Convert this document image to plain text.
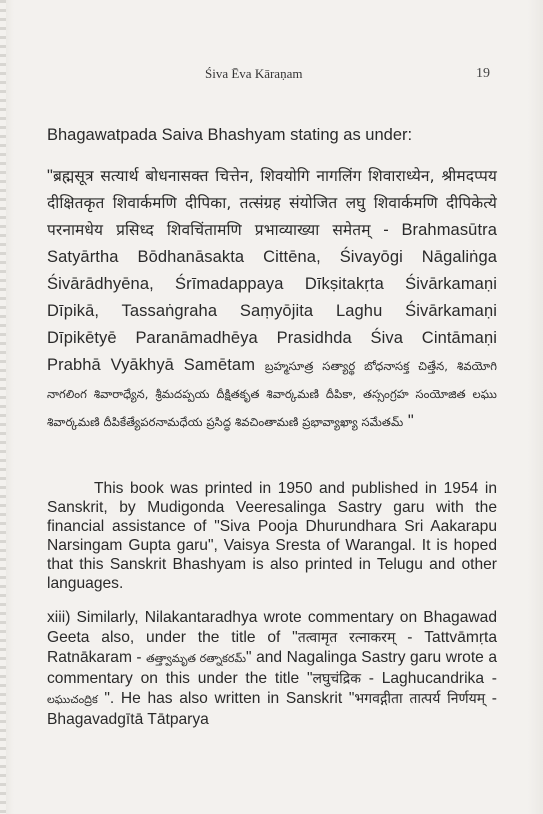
Śiva Ēva Kāraṇam	19

Bhagawatpada Saiva Bhashyam stating as under:

"ब्रह्मसूत्र सत्यार्थ बोधनासक्त चित्तेन, शिवयोगि नागलिंग शिवाराध्येन, श्रीमदप्पय दीक्षितकृत शिवार्कमणि दीपिका, तत्संग्रह संयोजित लघु शिवार्कमणि दीपिकेत्ये परनामधेय प्रसिध्द शिवचिंतामणि प्रभाव्याख्या समेतम् - Brahmasūtra Satyārtha Bōdhanāsakta Cittēna, Śivayōgi Nāgaliṅga Śivārādhyēna, Śrīmadappaya Dīkṣitakṛta Śivārkamaṇi Dīpikā, Tassaṅgraha Saṃyōjita Laghu Śivārkamaṇi Dīpikētyē Paranāmadhēya Prasidhda Śiva Cintāmaṇi Prabhā Vyākhyā Samētam బ్రహ్మసూత్ర సత్యార్థ బోధనాసక్త చిత్తేన, శివయోగి నాగలింగ శివారాధ్యేన, శ్రీమదప్పయ దీక్షితకృత శివార్కమణి దీపికా, తస్సంగ్రహ సంయోజిత లఘు శివార్కమణి దీపికేత్యేపరనామధేయ ప్రసిద్ధ శివచింతామణి ప్రభావ్యాఖ్యా సమేతమ్ "

This book was printed in 1950 and published in 1954 in Sanskrit, by Mudigonda Veeresalinga Sastry garu with the financial assistance of "Siva Pooja Dhurundhara Sri Aakarapu Narsingam Gupta garu", Vaisya Sresta of Warangal. It is hoped that this Sanskrit Bhashyam is also printed in Telugu and other languages.

xiii) Similarly, Nilakantaradhya wrote commentary on Bhagawad Geeta also, under the title of "तत्वामृत रत्नाकरम् - Tattvāmṛta Ratnākaram - తత్త్వామృత రత్నాకరమ్" and Nagalinga Sastry garu wrote a commentary on this under the title "लघुचंद्रिक - Laghucandrika - లఘుచంద్రిక ". He has also written in Sanskrit "भगवद्गीता तात्पर्य निर्णयम् - Bhagavadgītā Tātparya
